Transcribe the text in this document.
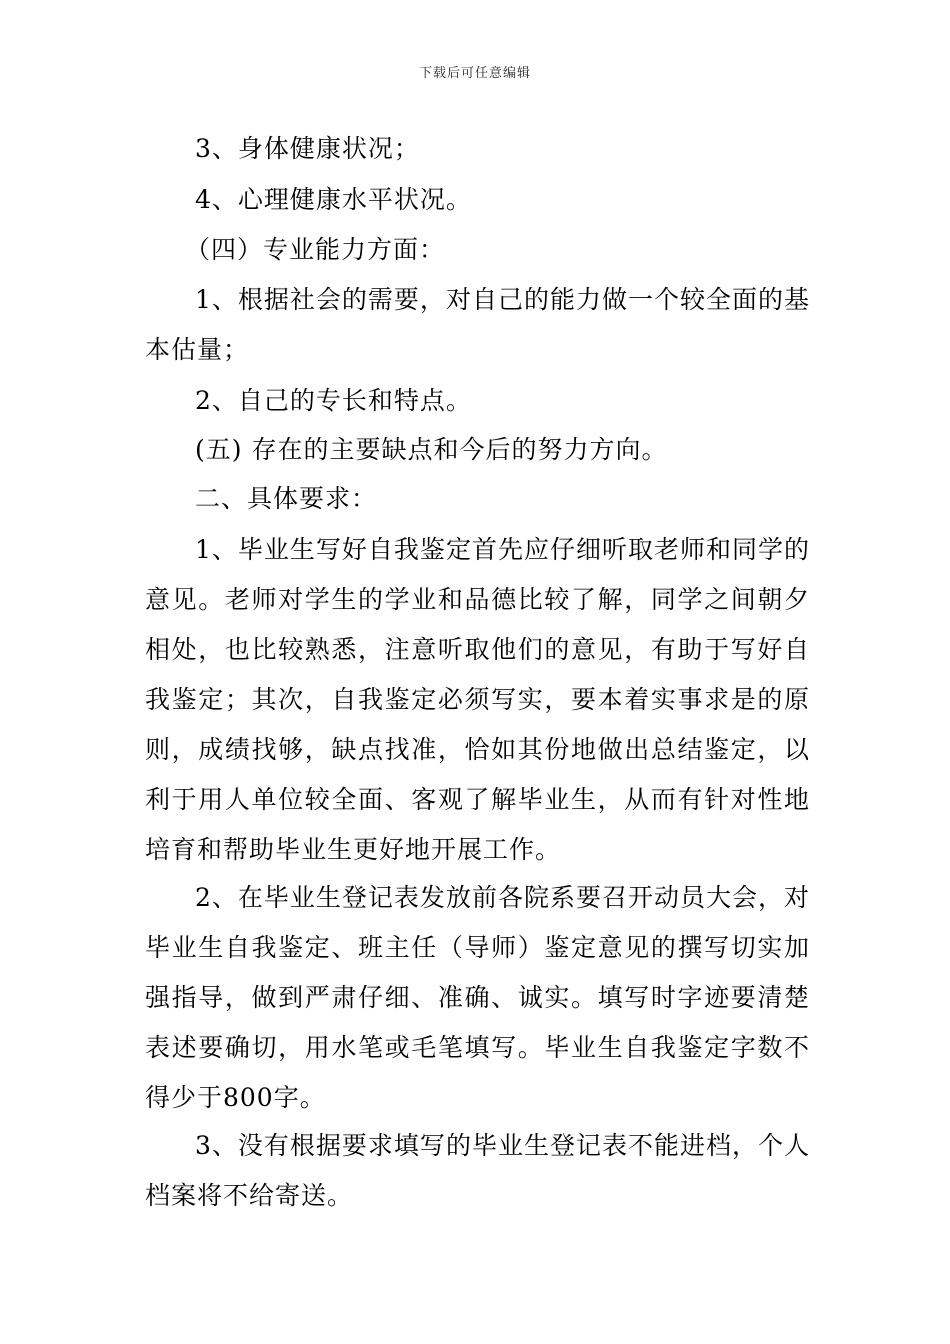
下载后可任意编辑

3、身体健康状况；

4、心理健康水平状况。

（四）专业能力方面：

1、根据社会的需要，对自己的能力做一个较全面的基本估量；

2、自己的专长和特点。

(五) 存在的主要缺点和今后的努力方向。

二、具体要求：

1、毕业生写好自我鉴定首先应仔细听取老师和同学的意见。老师对学生的学业和品德比较了解，同学之间朝夕相处，也比较熟悉，注意听取他们的意见，有助于写好自我鉴定；其次，自我鉴定必须写实，要本着实事求是的原则，成绩找够，缺点找准，恰如其份地做出总结鉴定，以利于用人单位较全面、客观了解毕业生，从而有针对性地培育和帮助毕业生更好地开展工作。

2、在毕业生登记表发放前各院系要召开动员大会，对毕业生自我鉴定、班主任（导师）鉴定意见的撰写切实加强指导，做到严肃仔细、准确、诚实。填写时字迹要清楚表述要确切，用水笔或毛笔填写。毕业生自我鉴定字数不得少于800字。

3、没有根据要求填写的毕业生登记表不能进档，个人档案将不给寄送。
